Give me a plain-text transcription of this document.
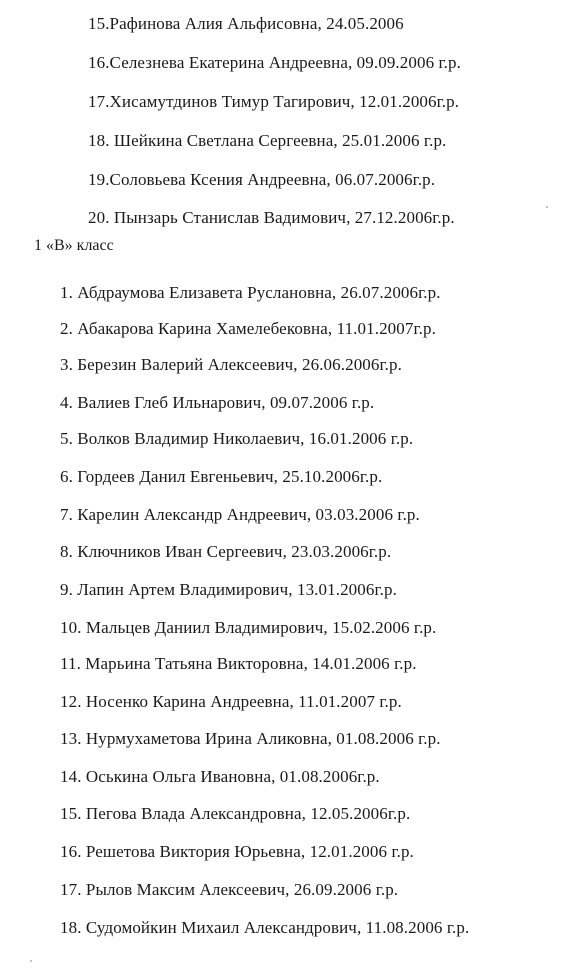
15.Рафинова Алия Альфисовна, 24.05.2006
16.Селезнева Екатерина Андреевна, 09.09.2006 г.р.
17.Хисамутдинов Тимур Тагирович, 12.01.2006г.р.
18. Шейкина Светлана Сергеевна, 25.01.2006 г.р.
19.Соловьева Ксения Андреевна, 06.07.2006г.р.
20. Пынзарь Станислав Вадимович, 27.12.2006г.р.
1 «В» класс
1. Абдраумова Елизавета Руслановна, 26.07.2006г.р.
2. Абакарова Карина Хамелебековна, 11.01.2007г.р.
3. Березин Валерий Алексеевич, 26.06.2006г.р.
4. Валиев Глеб Ильнарович, 09.07.2006 г.р.
5. Волков Владимир Николаевич, 16.01.2006 г.р.
6. Гордеев Данил Евгеньевич, 25.10.2006г.р.
7. Карелин Александр Андреевич, 03.03.2006 г.р.
8. Ключников Иван Сергеевич, 23.03.2006г.р.
9. Лапин Артем Владимирович, 13.01.2006г.р.
10. Мальцев Даниил Владимирович, 15.02.2006 г.р.
11. Марьина Татьяна Викторовна, 14.01.2006 г.р.
12. Носенко Карина Андреевна, 11.01.2007 г.р.
13. Нурмухаметова Ирина Аликовна, 01.08.2006 г.р.
14. Оськина Ольга Ивановна, 01.08.2006г.р.
15. Пегова Влада Александровна, 12.05.2006г.р.
16. Решетова Виктория Юрьевна, 12.01.2006 г.р.
17. Рылов Максим Алексеевич, 26.09.2006 г.р.
18. Судомойкин Михаил Александрович, 11.08.2006 г.р.
